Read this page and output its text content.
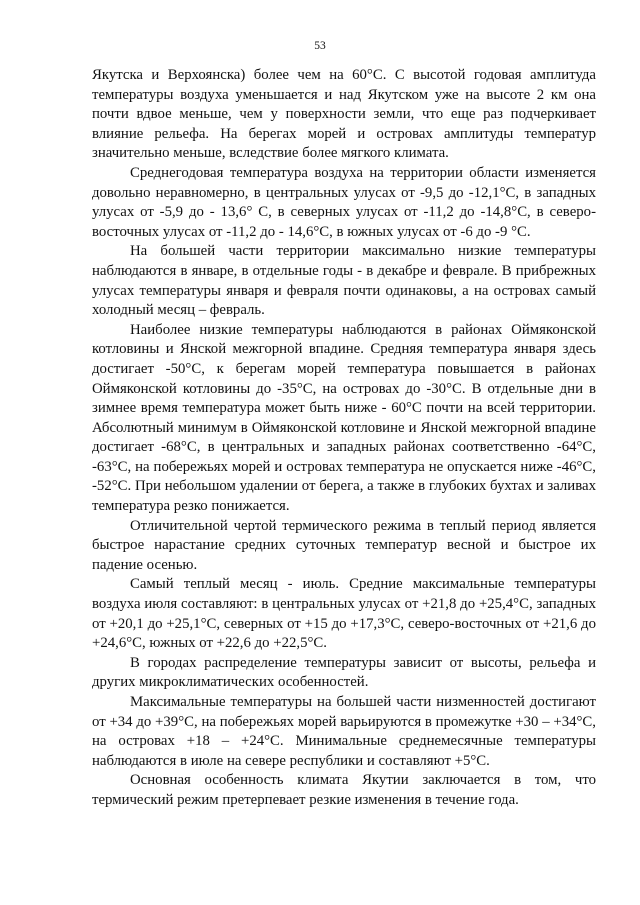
53

Якутска и Верхоянска) более чем на 60°С. С высотой годовая амплитуда температуры воздуха уменьшается и над Якутском уже на высоте 2 км она почти вдвое меньше, чем у поверхности земли, что еще раз подчеркивает влияние рельефа. На берегах морей и островах амплитуды температур значительно меньше, вследствие более мягкого климата.

Среднегодовая температура воздуха на территории области изменяется довольно неравномерно, в центральных улусах от -9,5 до -12,1°С, в западных улусах от -5,9 до - 13,6° С, в северных улусах от -11,2 до -14,8°С, в северо-восточных улусах от -11,2 до - 14,6°С, в южных улусах от -6 до -9 °С.

На большей части территории максимально низкие температуры наблюдаются в январе, в отдельные годы - в декабре и феврале. В прибрежных улусах температуры января и февраля почти одинаковы, а на островах самый холодный месяц – февраль.

Наиболее низкие температуры наблюдаются в районах Оймяконской котловины и Янской межгорной впадине. Средняя температура января здесь достигает -50°С, к берегам морей температура повышается в районах Оймяконской котловины до -35°С, на островах до -30°С. В отдельные дни в зимнее время температура может быть ниже - 60°С почти на всей территории. Абсолютный минимум в Оймяконской котловине и Янской межгорной впадине достигает -68°С, в центральных и западных районах соответственно -64°С, -63°С, на побережьях морей и островах температура не опускается ниже -46°С, -52°С. При небольшом удалении от берега, а также в глубоких бухтах и заливах температура резко понижается.

Отличительной чертой термического режима в теплый период является быстрое нарастание средних суточных температур весной и быстрое их падение осенью.

Самый теплый месяц - июль. Средние максимальные температуры воздуха июля составляют: в центральных улусах от +21,8 до +25,4°С, западных от +20,1 до +25,1°С, северных от +15 до +17,3°С, северо-восточных от +21,6 до +24,6°С, южных от +22,6 до +22,5°С.

В городах распределение температуры зависит от высоты, рельефа и других микроклиматических особенностей.

Максимальные температуры на большей части низменностей достигают от +34 до +39°С, на побережьях морей варьируются в промежутке +30 – +34°С, на островах +18 – +24°С. Минимальные среднемесячные температуры наблюдаются в июле на севере республики и составляют +5°С.

Основная особенность климата Якутии заключается в том, что термический режим претерпевает резкие изменения в течение года.
